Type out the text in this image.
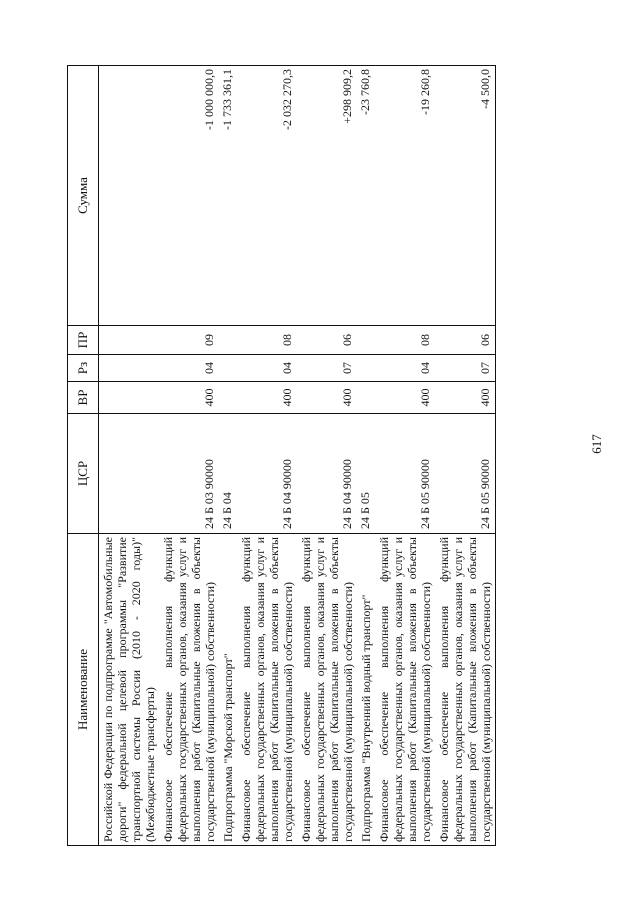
617
Наименование	ЦСР	ВР	Рз	ПР	Сумма
Российской Федерации по подпрограмме "Автомобильные дороги" федеральной целевой программы "Развитие транспортной системы России (2010 - 2020 годы)" (Межбюджетные трансферты)					
Финансовое обеспечение выполнения функций федеральных государственных органов, оказания услуг и выполнения работ (Капитальные вложения в объекты государственной (муниципальной) собственности)	24 Б 03 90000	400	04	09	-1 000 000,0
Подпрограмма "Морской транспорт"	24 Б 04				-1 733 361,1
Финансовое обеспечение выполнения функций федеральных государственных органов, оказания услуг и выполнения работ (Капитальные вложения в объекты государственной (муниципальной) собственности)	24 Б 04 90000	400	04	08	-2 032 270,3
Финансовое обеспечение выполнения функций федеральных государственных органов, оказания услуг и выполнения работ (Капитальные вложения в объекты государственной (муниципальной) собственности)	24 Б 04 90000	400	07	06	+298 909,2
Подпрограмма "Внутренний водный транспорт"	24 Б 05				-23 760,8
Финансовое обеспечение выполнения функций федеральных государственных органов, оказания услуг и выполнения работ (Капитальные вложения в объекты государственной (муниципальной) собственности)	24 Б 05 90000	400	04	08	-19 260,8
Финансовое обеспечение выполнения функций федеральных государственных органов, оказания услуг и выполнения работ (Капитальные вложения в объекты государственной (муниципальной) собственности)	24 Б 05 90000	400	07	06	-4 500,0
